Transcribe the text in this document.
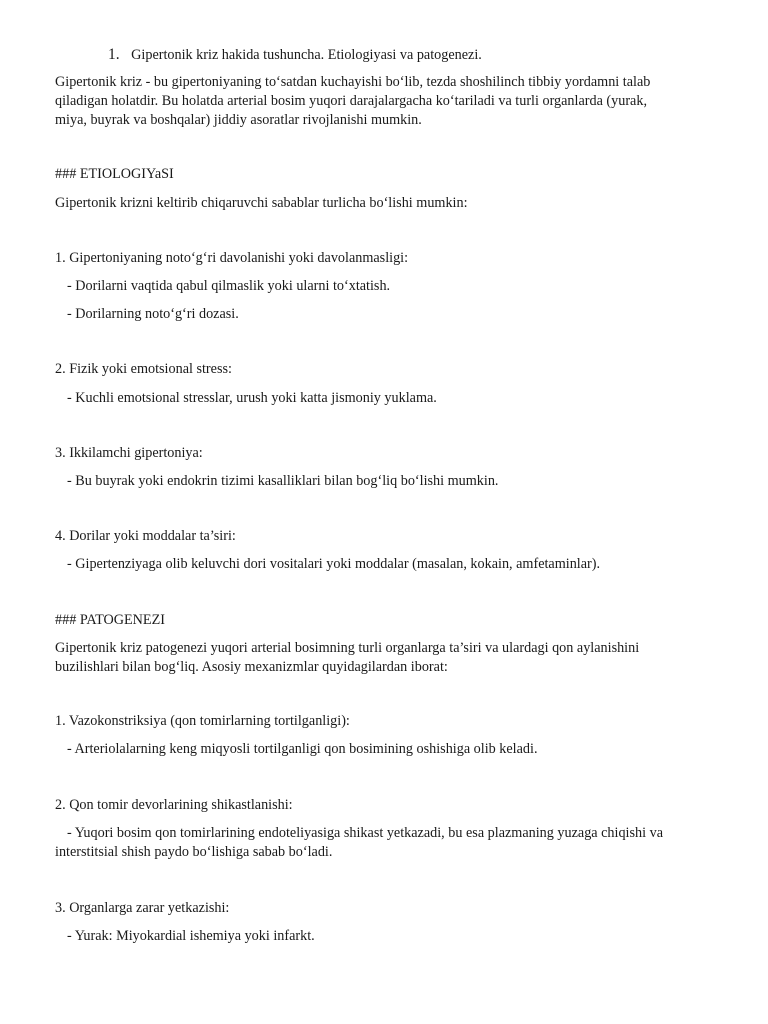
1. Gipertonik kriz hakida tushuncha. Etiologiyasi va patogenezi.
Gipertonik kriz - bu gipertoniyaning to‘satdan kuchayishi bo‘lib, tezda shoshilinch tibbiy yordamni talab
qiladigan holatdir. Bu holatda arterial bosim yuqori darajalargacha ko‘tariladi va turli organlarda (yurak,
miya, buyrak va boshqalar) jiddiy asoratlar rivojlanishi mumkin.
### ETIOLOGIYaSI
Gipertonik krizni keltirib chiqaruvchi sabablar turlicha bo‘lishi mumkin:
1. Gipertoniyaning noto‘g‘ri davolanishi yoki davolanmasligi:
- Dorilarni vaqtida qabul qilmaslik yoki ularni to‘xtatish.
- Dorilarning noto‘g‘ri dozasi.
2. Fizik yoki emotsional stress:
- Kuchli emotsional stresslar, urush yoki katta jismoniy yuklama.
3. Ikkilamchi gipertoniya:
- Bu buyrak yoki endokrin tizimi kasalliklari bilan bog‘liq bo‘lishi mumkin.
4. Dorilar yoki moddalar ta’siri:
- Gipertenziyaga olib keluvchi dori vositalari yoki moddalar (masalan, kokain, amfetaminlar).
### PATOGENEZI
Gipertonik kriz patogenezi yuqori arterial bosimning turli organlarga ta’siri va ulardagi qon aylanishini
buzilishlari bilan bog‘liq. Asosiy mexanizmlar quyidagilardan iborat:
1. Vazokonstriksiya (qon tomirlarning tortilganligi):
- Arteriolalarning keng miqyosli tortilganligi qon bosimining oshishiga olib keladi.
2. Qon tomir devorlarining shikastlanishi:
- Yuqori bosim qon tomirlarining endoteliyasiga shikast yetkazadi, bu esa plazmaning yuzaga chiqishi va
interstitsial shish paydo bo‘lishiga sabab bo‘ladi.
3. Organlarga zarar yetkazishi:
- Yurak: Miyokardial ishemiya yoki infarkt.
